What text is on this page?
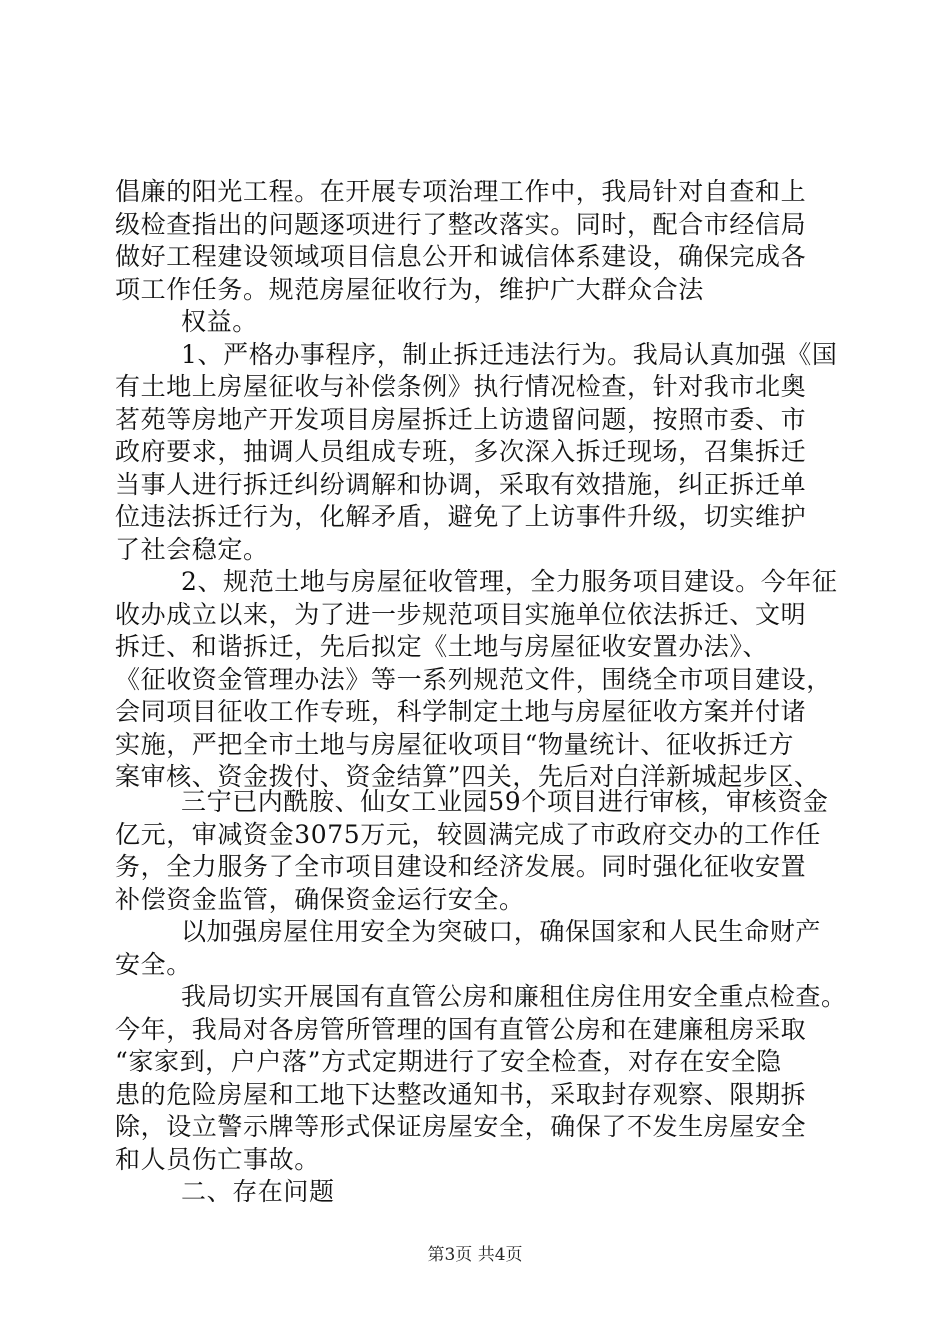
倡廉的阳光工程。在开展专项治理工作中，我局针对自查和上
级检查指出的问题逐项进行了整改落实。同时，配合市经信局
做好工程建设领域项目信息公开和诚信体系建设，确保完成各
项工作任务。规范房屋征收行为，维护广大群众合法
权益。
1、严格办事程序，制止拆迁违法行为。我局认真加强《国
有土地上房屋征收与补偿条例》执行情况检查，针对我市北奥
茗苑等房地产开发项目房屋拆迁上访遗留问题，按照市委、市
政府要求，抽调人员组成专班，多次深入拆迁现场，召集拆迁
当事人进行拆迁纠纷调解和协调，采取有效措施，纠正拆迁单
位违法拆迁行为，化解矛盾，避免了上访事件升级，切实维护
了社会稳定。
2、规范土地与房屋征收管理，全力服务项目建设。今年征
收办成立以来，为了进一步规范项目实施单位依法拆迁、文明
拆迁、和谐拆迁，先后拟定《土地与房屋征收安置办法》、
《征收资金管理办法》等一系列规范文件，围绕全市项目建设，
会同项目征收工作专班，科学制定土地与房屋征收方案并付诸
实施，严把全市土地与房屋征收项目“物量统计、征收拆迁方
案审核、资金拨付、资金结算”四关，先后对白洋新城起步区、
三宁已内酰胺、仙女工业园59个项目进行审核，审核资金
亿元，审减资金3075万元，较圆满完成了市政府交办的工作任
务，全力服务了全市项目建设和经济发展。同时强化征收安置
补偿资金监管，确保资金运行安全。
以加强房屋住用安全为突破口，确保国家和人民生命财产
安全。
我局切实开展国有直管公房和廉租住房住用安全重点检查。
今年，我局对各房管所管理的国有直管公房和在建廉租房采取
“家家到，户户落”方式定期进行了安全检查，对存在安全隐
患的危险房屋和工地下达整改通知书，采取封存观察、限期拆
除，设立警示牌等形式保证房屋安全，确保了不发生房屋安全
和人员伤亡事故。
二、存在问题
第3页 共4页
